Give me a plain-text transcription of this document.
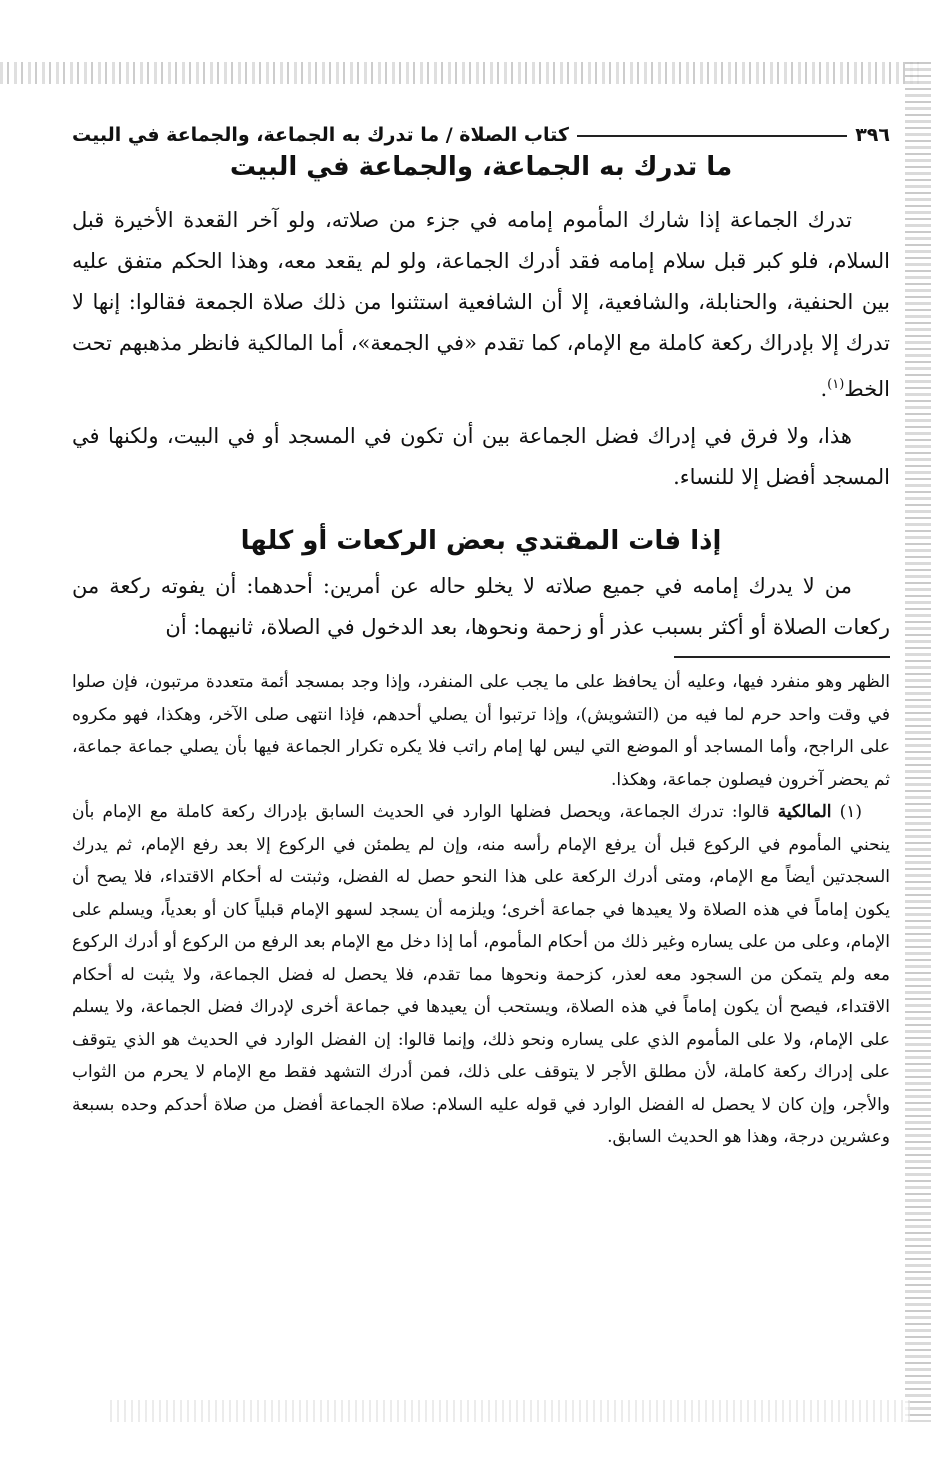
٣٩٦
كتاب الصلاة / ما تدرك به الجماعة، والجماعة في البيت
ما تدرك به الجماعة، والجماعة في البيت

تدرك الجماعة إذا شارك المأموم إمامه في جزء من صلاته، ولو آخر القعدة الأخيرة قبل السلام، فلو كبر قبل سلام إمامه فقد أدرك الجماعة، ولو لم يقعد معه، وهذا الحكم متفق عليه بين الحنفية، والحنابلة، والشافعية، إلا أن الشافعية استثنوا من ذلك صلاة الجمعة فقالوا: إنها لا تدرك إلا بإدراك ركعة كاملة مع الإمام، كما تقدم «في الجمعة»، أما المالكية فانظر مذهبهم تحت الخط$^{(١)}$.

هذا، ولا فرق في إدراك فضل الجماعة بين أن تكون في المسجد أو في البيت، ولكنها في المسجد أفضل إلا للنساء.

إذا فات المقتدي بعض الركعات أو كلها

من لا يدرك إمامه في جميع صلاته لا يخلو حاله عن أمرين: أحدهما: أن يفوته ركعة من ركعات الصلاة أو أكثر بسبب عذر أو زحمة ونحوها، بعد الدخول في الصلاة، ثانيهما: أن

الظهر وهو منفرد فيها، وعليه أن يحافظ على ما يجب على المنفرد، وإذا وجد بمسجد أئمة متعددة مرتبون، فإن صلوا في وقت واحد حرم لما فيه من (التشويش)، وإذا ترتبوا أن يصلي أحدهم، فإذا انتهى صلى الآخر، وهكذا، فهو مكروه على الراجح، وأما المساجد أو الموضع التي ليس لها إمام راتب فلا يكره تكرار الجماعة فيها بأن يصلي جماعة جماعة، ثم يحضر آخرون فيصلون جماعة، وهكذا.

(١) المالكية قالوا: تدرك الجماعة، ويحصل فضلها الوارد في الحديث السابق بإدراك ركعة كاملة مع الإمام بأن ينحني المأموم في الركوع قبل أن يرفع الإمام رأسه منه، وإن لم يطمئن في الركوع إلا بعد رفع الإمام، ثم يدرك السجدتين أيضاً مع الإمام، ومتى أدرك الركعة على هذا النحو حصل له الفضل، وثبتت له أحكام الاقتداء، فلا يصح أن يكون إماماً في هذه الصلاة ولا يعيدها في جماعة أخرى؛ ويلزمه أن يسجد لسهو الإمام قبلياً كان أو بعدياً، ويسلم على الإمام، وعلى من على يساره وغير ذلك من أحكام المأموم، أما إذا دخل مع الإمام بعد الرفع من الركوع أو أدرك الركوع معه ولم يتمكن من السجود معه لعذر، كزحمة ونحوها مما تقدم، فلا يحصل له فضل الجماعة، ولا يثبت له أحكام الاقتداء، فيصح أن يكون إماماً في هذه الصلاة، ويستحب أن يعيدها في جماعة أخرى لإدراك فضل الجماعة، ولا يسلم على الإمام، ولا على المأموم الذي على يساره ونحو ذلك، وإنما قالوا: إن الفضل الوارد في الحديث هو الذي يتوقف على إدراك ركعة كاملة، لأن مطلق الأجر لا يتوقف على ذلك، فمن أدرك التشهد فقط مع الإمام لا يحرم من الثواب والأجر، وإن كان لا يحصل له الفضل الوارد في قوله عليه السلام: صلاة الجماعة أفضل من صلاة أحدكم وحده بسبعة وعشرين درجة، وهذا هو الحديث السابق.
